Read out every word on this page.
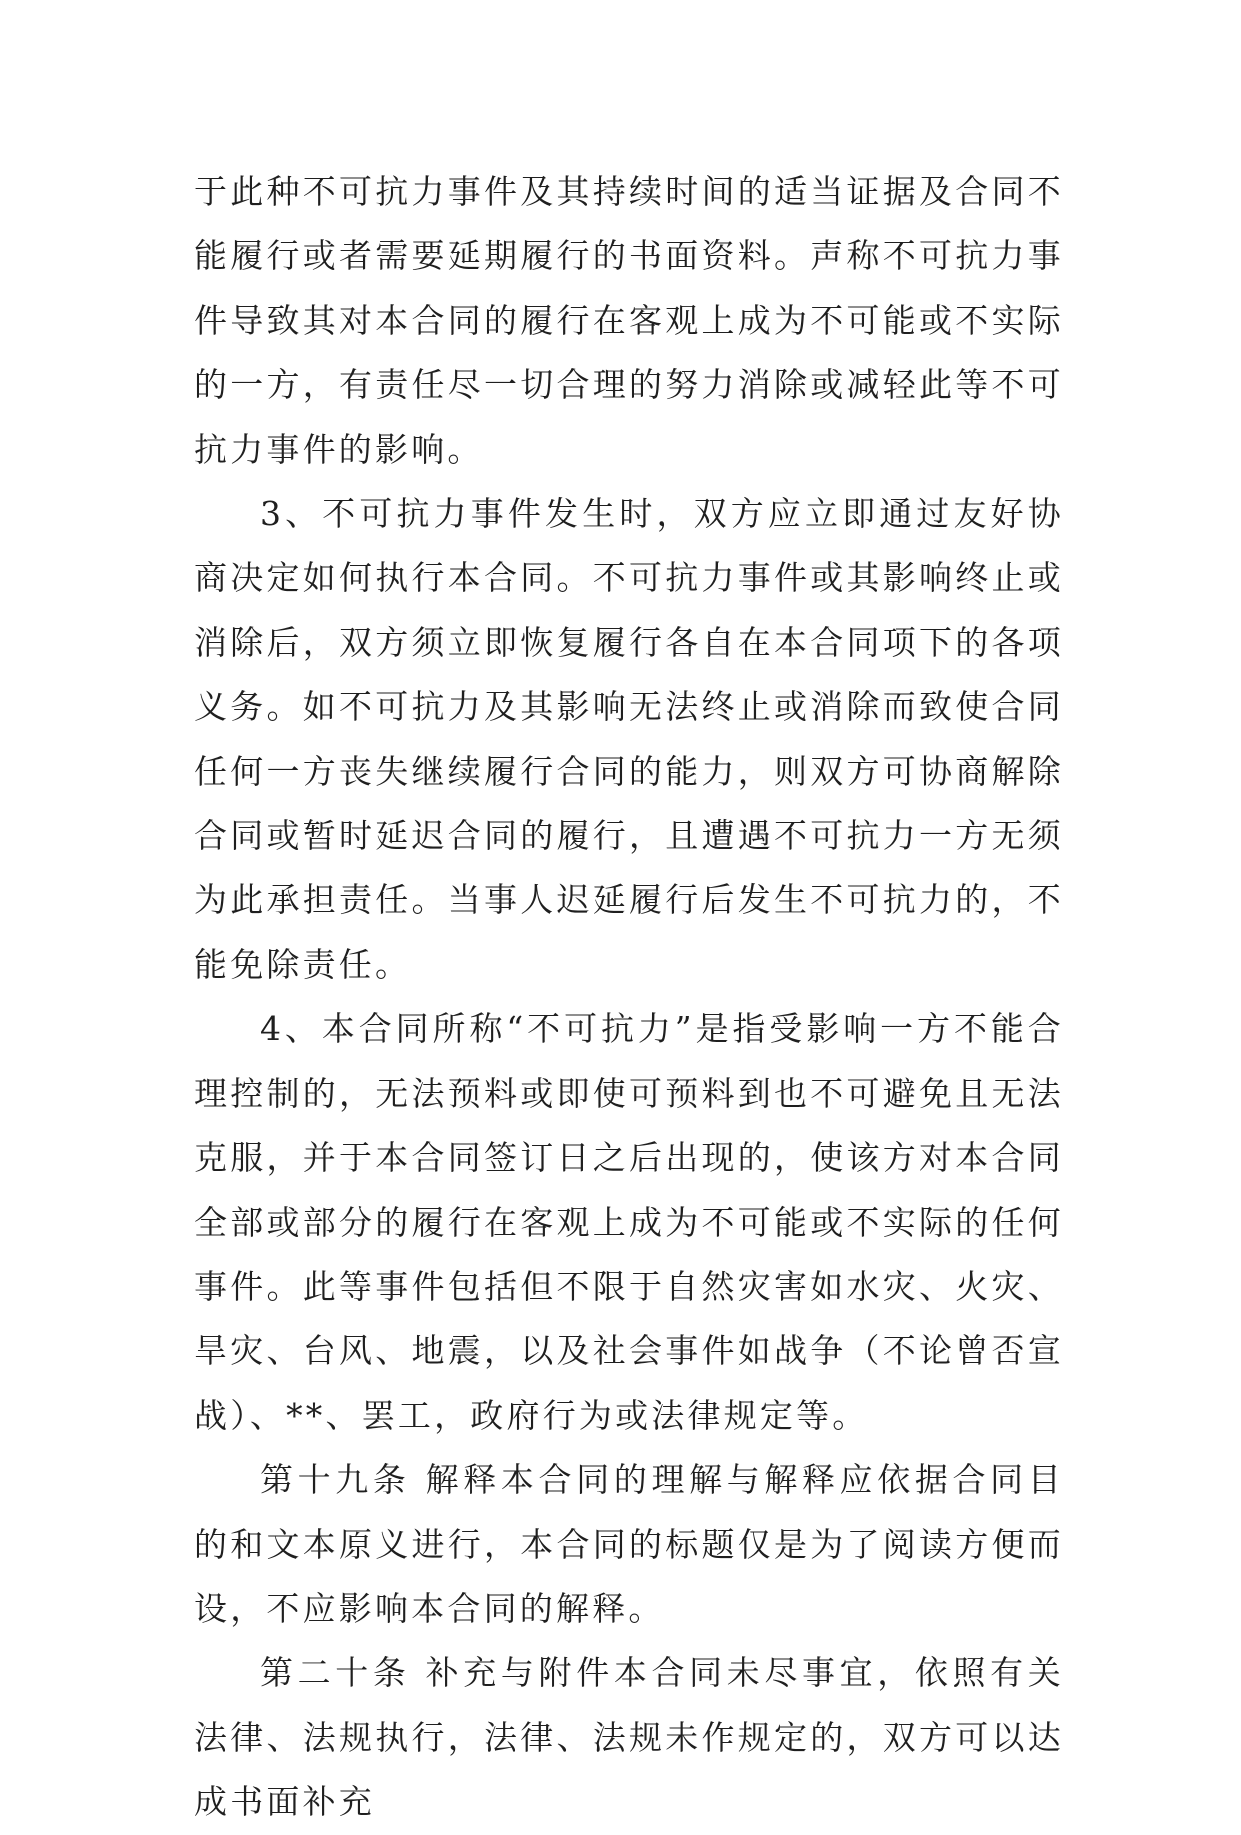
于此种不可抗力事件及其持续时间的适当证据及合同不能履行或者需要延期履行的书面资料。声称不可抗力事件导致其对本合同的履行在客观上成为不可能或不实际的一方，有责任尽一切合理的努力消除或减轻此等不可抗力事件的影响。

3、不可抗力事件发生时，双方应立即通过友好协商决定如何执行本合同。不可抗力事件或其影响终止或消除后，双方须立即恢复履行各自在本合同项下的各项义务。如不可抗力及其影响无法终止或消除而致使合同任何一方丧失继续履行合同的能力，则双方可协商解除合同或暂时延迟合同的履行，且遭遇不可抗力一方无须为此承担责任。当事人迟延履行后发生不可抗力的，不能免除责任。

4、本合同所称“不可抗力”是指受影响一方不能合理控制的，无法预料或即使可预料到也不可避免且无法克服，并于本合同签订日之后出现的，使该方对本合同全部或部分的履行在客观上成为不可能或不实际的任何事件。此等事件包括但不限于自然灾害如水灾、火灾、旱灾、台风、地震，以及社会事件如战争（不论曾否宣战）、**、罢工，政府行为或法律规定等。

第十九条 解释本合同的理解与解释应依据合同目的和文本原义进行，本合同的标题仅是为了阅读方便而设，不应影响本合同的解释。

第二十条 补充与附件本合同未尽事宜，依照有关法律、法规执行，法律、法规未作规定的，双方可以达成书面补充
